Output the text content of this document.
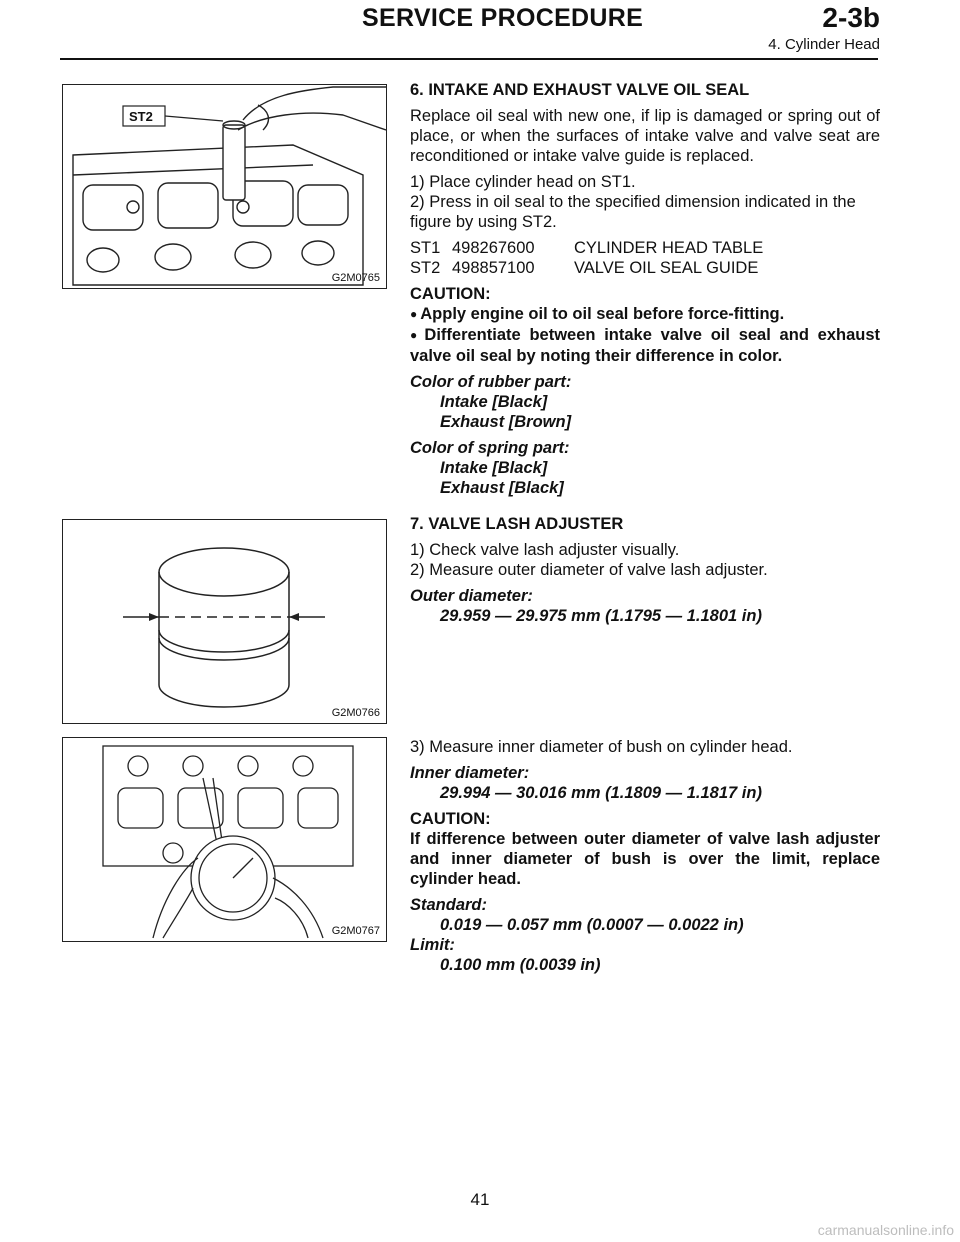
SERVICE PROCEDURE	2-3b
4. Cylinder Head
ST2
G2M0765
G2M0766
G2M0767

6. INTAKE AND EXHAUST VALVE OIL SEAL

Replace oil seal with new one, if lip is damaged or spring out of place, or when the surfaces of intake valve and valve seat are reconditioned or intake valve guide is replaced.

1) Place cylinder head on ST1.

2) Press in oil seal to the specified dimension indicated in the figure by using ST2.

ST1 498267600	CYLINDER HEAD TABLE
ST2 498857100	VALVE OIL SEAL GUIDE

CAUTION:

● Apply engine oil to oil seal before force-fitting.

● Differentiate between intake valve oil seal and exhaust valve oil seal by noting their difference in color.

Color of rubber part:

Intake [Black]

Exhaust [Brown]

Color of spring part:

Intake [Black]

Exhaust [Black]

7. VALVE LASH ADJUSTER

1) Check valve lash adjuster visually.

2) Measure outer diameter of valve lash adjuster.

Outer diameter:

29.959 — 29.975 mm (1.1795 — 1.1801 in)

3) Measure inner diameter of bush on cylinder head.

Inner diameter:

29.994 — 30.016 mm (1.1809 — 1.1817 in)

CAUTION:

If difference between outer diameter of valve lash adjuster and inner diameter of bush is over the limit, replace cylinder head.

Standard:

0.019 — 0.057 mm (0.0007 — 0.0022 in)

Limit:

0.100 mm (0.0039 in)

41
carmanualsonline.info
